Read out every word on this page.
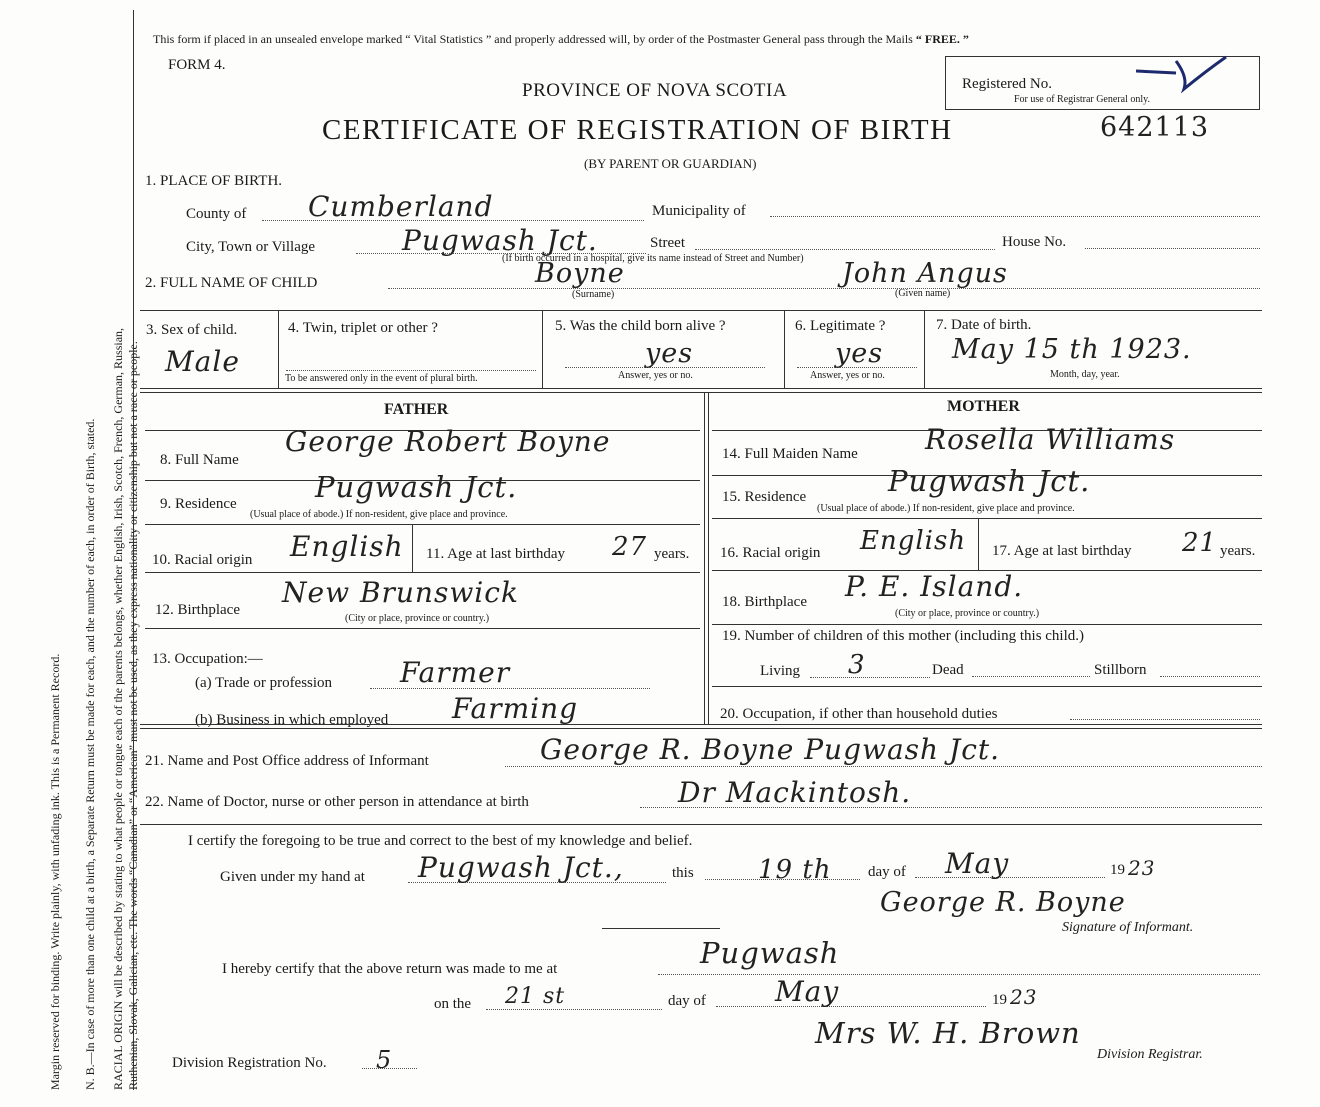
Margin reserved for binding. Write plainly, with unfading ink. This is a Permanent Record. N. B.—In case of more than one child at a birth, a Separate Return must be made for each, and the number of each, in order of Birth, stated. RACIAL ORIGIN will be described by stating to what people or tongue each of the parents belongs, whether English, Irish, Scotch, French, German, Russian, Ruthenian, Slovak, Galician, etc. The words “Canadian” or “American” must not be used, as they express nationality or citizenship but not a race or people.
This form if placed in an unsealed envelope marked “ Vital Statistics ” and properly addressed will, by order of the Postmaster General pass through the Mails “ FREE. ”
FORM 4.
PROVINCE OF NOVA SCOTIA
CERTIFICATE OF REGISTRATION OF BIRTH	642113
(BY PARENT OR GUARDIAN)
Registered No.
For use of Registrar General only.
1. PLACE OF BIRTH.
County of Cumberland	Municipality of
City, Town or Village	Pugwash Jct.	Street
(If birth occurred in a hospital, give its name instead of Street and Number)
House No.
2. FULL NAME OF CHILD	Boyne
(Surname)
John Angus
(Given name)
3. Sex of child.
Male
4. Twin, triplet or other ?
To be answered only in the event of plural birth.
5. Was the child born alive ?
yes
Answer, yes or no.
6. Legitimate ?
yes
Answer, yes or no.
7. Date of birth.
May 15 th 1923.
Month, day, year.
FATHER	MOTHER
8. Full Name
George Robert Boyne
9. Residence	Pugwash Jct.
(Usual place of abode.) If non-resident, give place and province.
10. Racial origin English 11. Age at last birthday 27 years.
12. Birthplace
New Brunswick
(City or place, province or country.)
13. Occupation:—
(a) Trade or profession Farmer
(b) Business in which employed Farming
14. Full Maiden Name Rosella Williams
15. Residence	Pugwash Jct.
(Usual place of abode.) If non-resident, give place and province.
16. Racial origin English 17. Age at last birthday 21 years.
18. Birthplace P. E. Island.
(City or place, province or country.)
19. Number of children of this mother (including this child.)
Living 3	Dead	Stillborn
20. Occupation, if other than household duties
21. Name and Post Office address of Informant	George R. Boyne Pugwash Jct.
22. Name of Doctor, nurse or other person in attendance at birth	Dr Mackintosh.
I certify the foregoing to be true and correct to the best of my knowledge and belief.
Given under my hand at Pugwash Jct.,	this 19 th day of May	19 23
George R. Boyne
Signature of Informant.
I hereby certify that the above return was made to me at	Pugwash
on the 21 st	day of May	19 23
Mrs W. H. Brown
Division Registrar.
Division Registration No. 5
